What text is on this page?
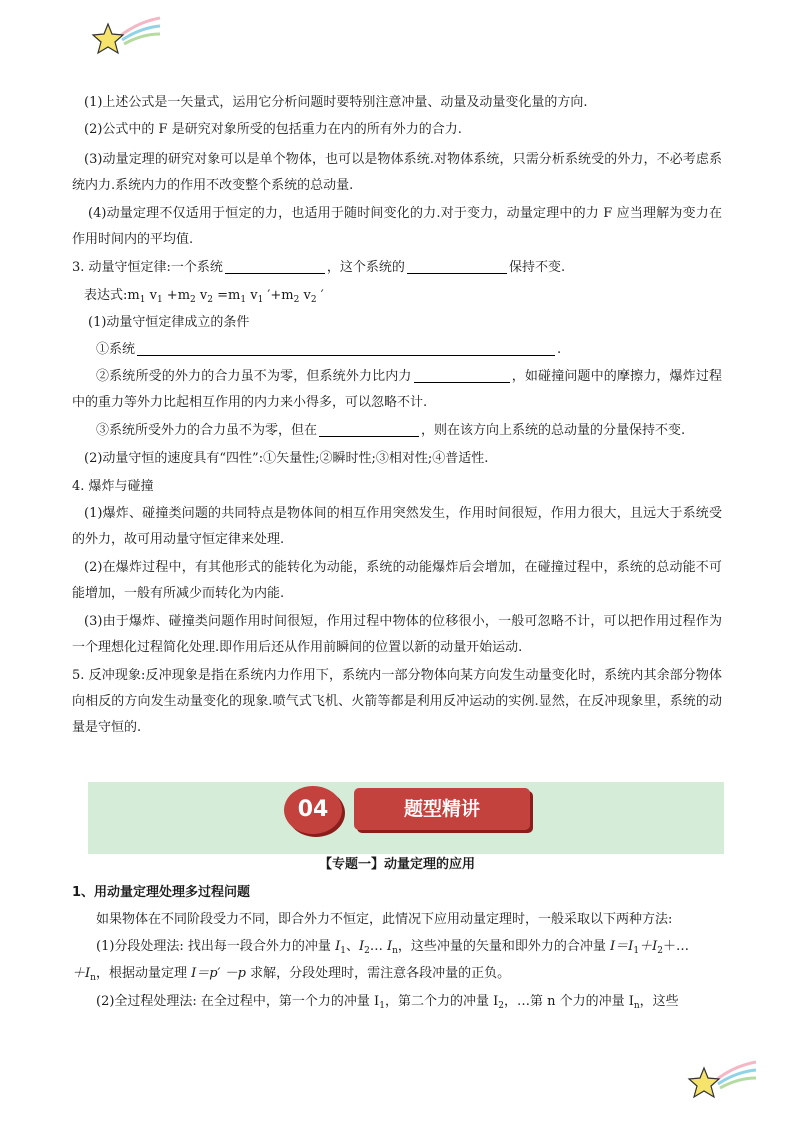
(1)上述公式是一矢量式，运用它分析问题时要特别注意冲量、动量及动量变化量的方向.

(2)公式中的 F 是研究对象所受的包括重力在内的所有外力的合力.

(3)动量定理的研究对象可以是单个物体，也可以是物体系统.对物体系统，只需分析系统受的外力，不必考虑系统内力.系统内力的作用不改变整个系统的总动量.

(4)动量定理不仅适用于恒定的力，也适用于随时间变化的力.对于变力，动量定理中的力 F 应当理解为变力在作用时间内的平均值.

3. 动量守恒定律:一个系统	，这个系统的	保持不变.

表达式$:m_1$ $v_1 +m_2$ $v_2 =m_1$ $v_1$ $'+m_2$ $v_2$ ′

(1)动量守恒定律成立的条件

①系统	.

②系统所受的外力的合力虽不为零，但系统外力比内力	，如碰撞问题中的摩擦力，爆炸过程中的重力等外力比起相互作用的内力来小得多，可以忽略不计.

③系统所受外力的合力虽不为零，但在	，则在该方向上系统的总动量的分量保持不变.

(2)动量守恒的速度具有“四性”:①矢量性;②瞬时性;③相对性;④普适性.

4. 爆炸与碰撞

(1)爆炸、碰撞类问题的共同特点是物体间的相互作用突然发生，作用时间很短，作用力很大，且远大于系统受的外力，故可用动量守恒定律来处理.

(2)在爆炸过程中，有其他形式的能转化为动能，系统的动能爆炸后会增加，在碰撞过程中，系统的总动能不可能增加，一般有所减少而转化为内能.

(3)由于爆炸、碰撞类问题作用时间很短，作用过程中物体的位移很小，一般可忽略不计，可以把作用过程作为一个理想化过程简化处理.即作用后还从作用前瞬间的位置以新的动量开始运动.

5. 反冲现象:反冲现象是指在系统内力作用下，系统内一部分物体向某方向发生动量变化时，系统内其余部分物体向相反的方向发生动量变化的现象.喷气式飞机、火箭等都是利用反冲运动的实例.显然，在反冲现象里，系统的动量是守恒的.

04	题型精讲
【专题一】动量定理的应用
1、用动量定理处理多过程问题

如果物体在不同阶段受力不同，即合外力不恒定，此情况下应用动量定理时，一般采取以下两种方法:

(1)分段处理法: 找出每一段合外力的冲量 $I_1$、$I_2\dots$ $I_n$，这些冲量的矢量和即外力的合冲量 $I=I_1+I_2+\dots$

$+I_n$，根据动量定理 I＝p′ －p 求解，分段处理时，需注意各段冲量的正负。

(2)全过程处理法: 在全过程中，第一个力的冲量 $I_1$，第二个力的冲量 $I_2$，…第 n 个力的冲量 $I_n$，这些
